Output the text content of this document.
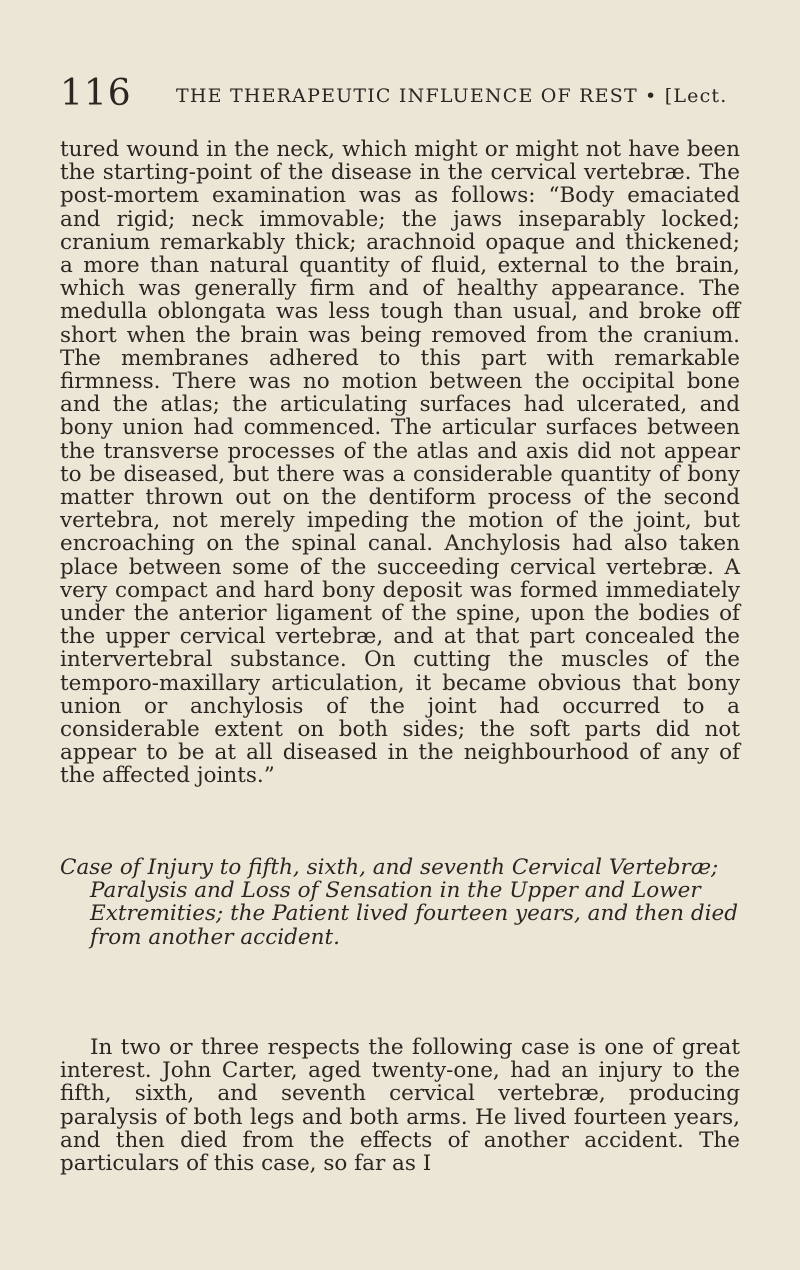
116 THE THERAPEUTIC INFLUENCE OF REST • [Lect.

tured wound in the neck, which might or might not have been the starting-point of the disease in the cervical vertebræ. The post-mortem examination was as follows: “Body emaciated and rigid; neck immovable; the jaws inseparably locked; cranium remarkably thick; arachnoid opaque and thickened; a more than natural quantity of fluid, external to the brain, which was generally firm and of healthy appearance. The medulla oblongata was less tough than usual, and broke off short when the brain was being removed from the cranium. The membranes adhered to this part with remarkable firmness. There was no motion between the occipital bone and the atlas; the articulating surfaces had ulcerated, and bony union had commenced. The articular surfaces between the transverse processes of the atlas and axis did not appear to be diseased, but there was a considerable quantity of bony matter thrown out on the dentiform process of the second vertebra, not merely impeding the motion of the joint, but encroaching on the spinal canal. Anchylosis had also taken place between some of the succeeding cervical vertebræ. A very compact and hard bony deposit was formed immediately under the anterior ligament of the spine, upon the bodies of the upper cervical vertebræ, and at that part concealed the intervertebral substance. On cutting the muscles of the temporo-maxillary articulation, it became obvious that bony union or anchylosis of the joint had occurred to a considerable extent on both sides; the soft parts did not appear to be at all diseased in the neighbourhood of any of the affected joints.”

Case of Injury to fifth, sixth, and seventh Cervical Vertebræ;
Paralysis and Loss of Sensation in the Upper and Lower Extremities; the Patient lived fourteen years, and then died from another accident.

In two or three respects the following case is one of great interest. John Carter, aged twenty-one, had an injury to the fifth, sixth, and seventh cervical vertebræ, producing paralysis of both legs and both arms. He lived fourteen years, and then died from the effects of another accident. The particulars of this case, so far as I
